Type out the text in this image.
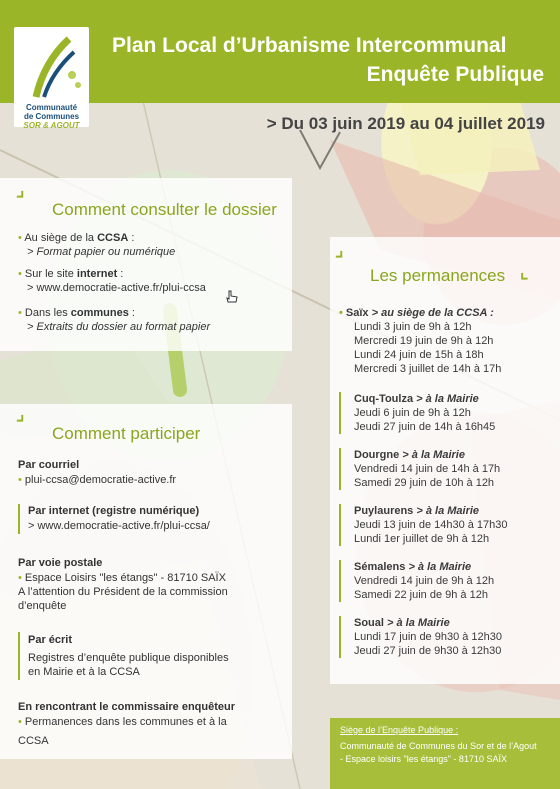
Communauté
de Communes
SOR & AGOUT
Plan Local d’Urbanisme Intercommunal
Enquête Publique
> Du 03 juin 2019 au 04 juillet 2019
⌟
Comment consulter le dossier
• Au siège de la CCSA :
> Format papier ou numérique
• Sur le site internet :
> www.democratie-active.fr/plui-ccsa
• Dans les communes :
> Extraits du dossier au format papier
⌟
Les permanences ⌞
• Saïx > au siège de la CCSA :
Lundi 3 juin de 9h à 12h
Mercredi 19 juin de 9h à 12h
Lundi 24 juin de 15h à 18h
Mercredi 3 juillet de 14h à 17h
Cuq-Toulza > à la Mairie
Jeudi 6 juin de 9h à 12h
Jeudi 27 juin de 14h à 16h45
Dourgne > à la Mairie
Vendredi 14 juin de 14h à 17h
Samedi 29 juin de 10h à 12h
Puylaurens > à la Mairie
Jeudi 13 juin de 14h30 à 17h30
Lundi 1er juillet de 9h à 12h
Sémalens > à la Mairie
Vendredi 14 juin de 9h à 12h
Samedi 22 juin de 9h à 12h
Soual > à la Mairie
Lundi 17 juin de 9h30 à 12h30
Jeudi 27 juin de 9h30 à 12h30
⌟
Comment participer
Par courriel
• plui-ccsa@democratie-active.fr
Par internet (registre numérique)
> www.democratie-active.fr/plui-ccsa/
Par voie postale
• Espace Loisirs "les étangs" - 81710 SAÏX
A l’attention du Président de la commission
d’enquête
Par écrit
Registres d’enquête publique disponibles
en Mairie et à la CCSA
En rencontrant le commissaire enquêteur
• Permanences dans les communes et à la
CCSA
Siège de l’Enquête Publique :
Communauté de Communes du Sor et de l’Agout
- Espace loisirs "les étangs" - 81710 SAÏX
